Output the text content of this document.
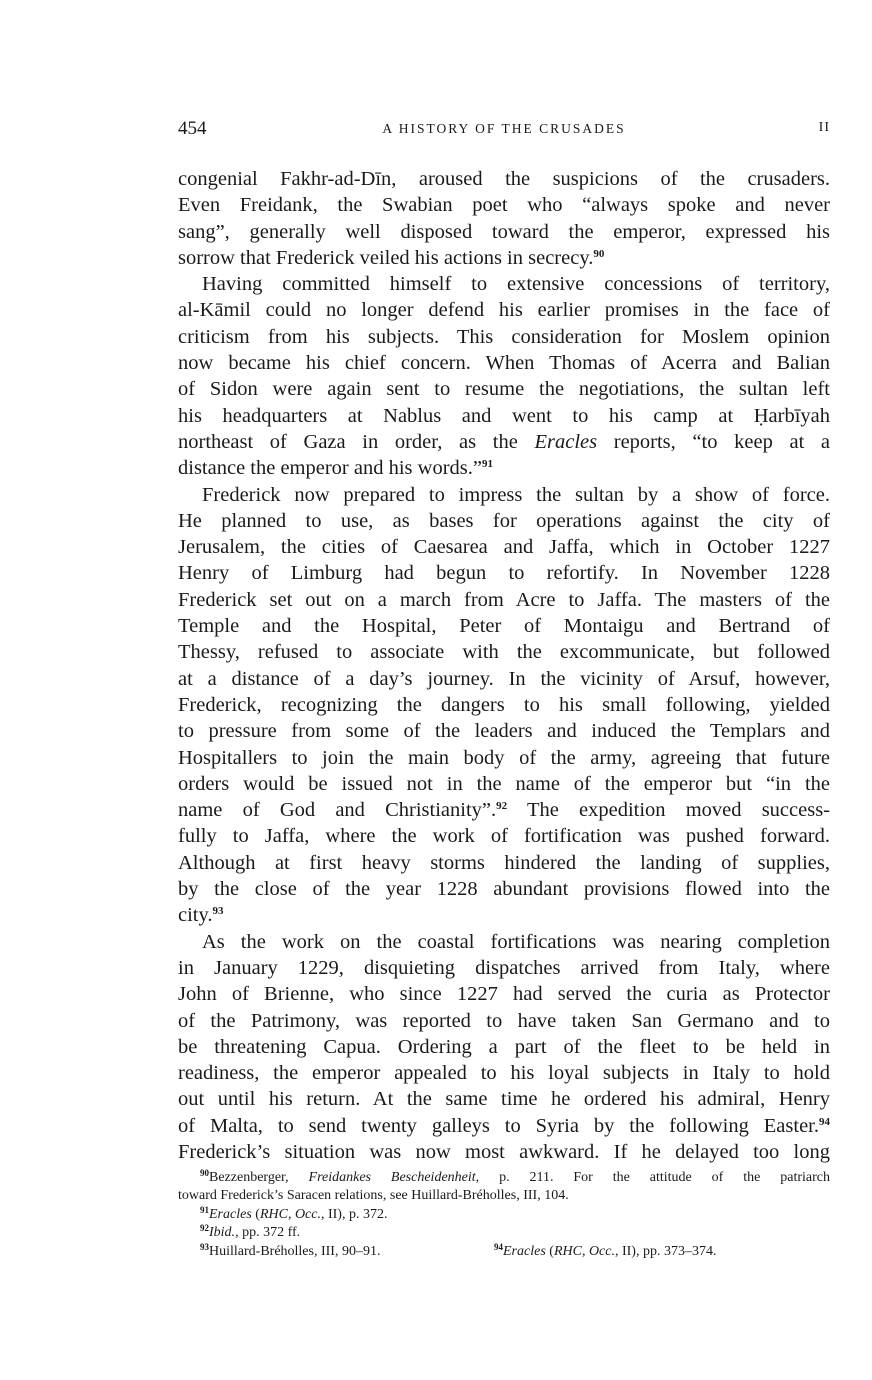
454	A HISTORY OF THE CRUSADES	II
congenial Fakhr-ad-Dīn, aroused the suspicions of the crusaders.
Even Freidank, the Swabian poet who “always spoke and never
sang”, generally well disposed toward the emperor, expressed his
sorrow that Frederick veiled his actions in secrecy.$^{90}$
Having committed himself to extensive concessions of territory,
al-Kāmil could no longer defend his earlier promises in the face of
criticism from his subjects. This consideration for Moslem opinion
now became his chief concern. When Thomas of Acerra and Balian
of Sidon were again sent to resume the negotiations, the sultan left
his headquarters at Nablus and went to his camp at Ḥarbīyah
northeast of Gaza in order, as the Eracles reports, “to keep at a
distance the emperor and his words.”$^{91}$
Frederick now prepared to impress the sultan by a show of force.
He planned to use, as bases for operations against the city of
Jerusalem, the cities of Caesarea and Jaffa, which in October 1227
Henry of Limburg had begun to refortify. In November 1228
Frederick set out on a march from Acre to Jaffa. The masters of the
Temple and the Hospital, Peter of Montaigu and Bertrand of
Thessy, refused to associate with the excommunicate, but followed
at a distance of a day’s journey. In the vicinity of Arsuf, however,
Frederick, recognizing the dangers to his small following, yielded
to pressure from some of the leaders and induced the Templars and
Hospitallers to join the main body of the army, agreeing that future
orders would be issued not in the name of the emperor but “in the
name of God and Christianity”.$^{92}$ The expedition moved success-
fully to Jaffa, where the work of fortification was pushed forward.
Although at first heavy storms hindered the landing of supplies,
by the close of the year 1228 abundant provisions flowed into the
city.$^{93}$
As the work on the coastal fortifications was nearing completion
in January 1229, disquieting dispatches arrived from Italy, where
John of Brienne, who since 1227 had served the curia as Protector
of the Patrimony, was reported to have taken San Germano and to
be threatening Capua. Ordering a part of the fleet to be held in
readiness, the emperor appealed to his loyal subjects in Italy to hold
out until his return. At the same time he ordered his admiral, Henry
of Malta, to send twenty galleys to Syria by the following Easter.$^{94}$
Frederick’s situation was now most awkward. If he delayed too long
$^{90}$Bezzenberger, Freidankes Bescheidenheit, p. 211. For the attitude of the patriarch
toward Frederick’s Saracen relations, see Huillard-Bréholles, III, 104.
$^{91}$Eracles (RHC, Occ., II), p. 372.
$^{92}$Ibid., pp. 372 ff.
$^{93}$Huillard-Bréholles, III, 90–91.	$^{94}$Eracles (RHC, Occ., II), pp. 373–374.
